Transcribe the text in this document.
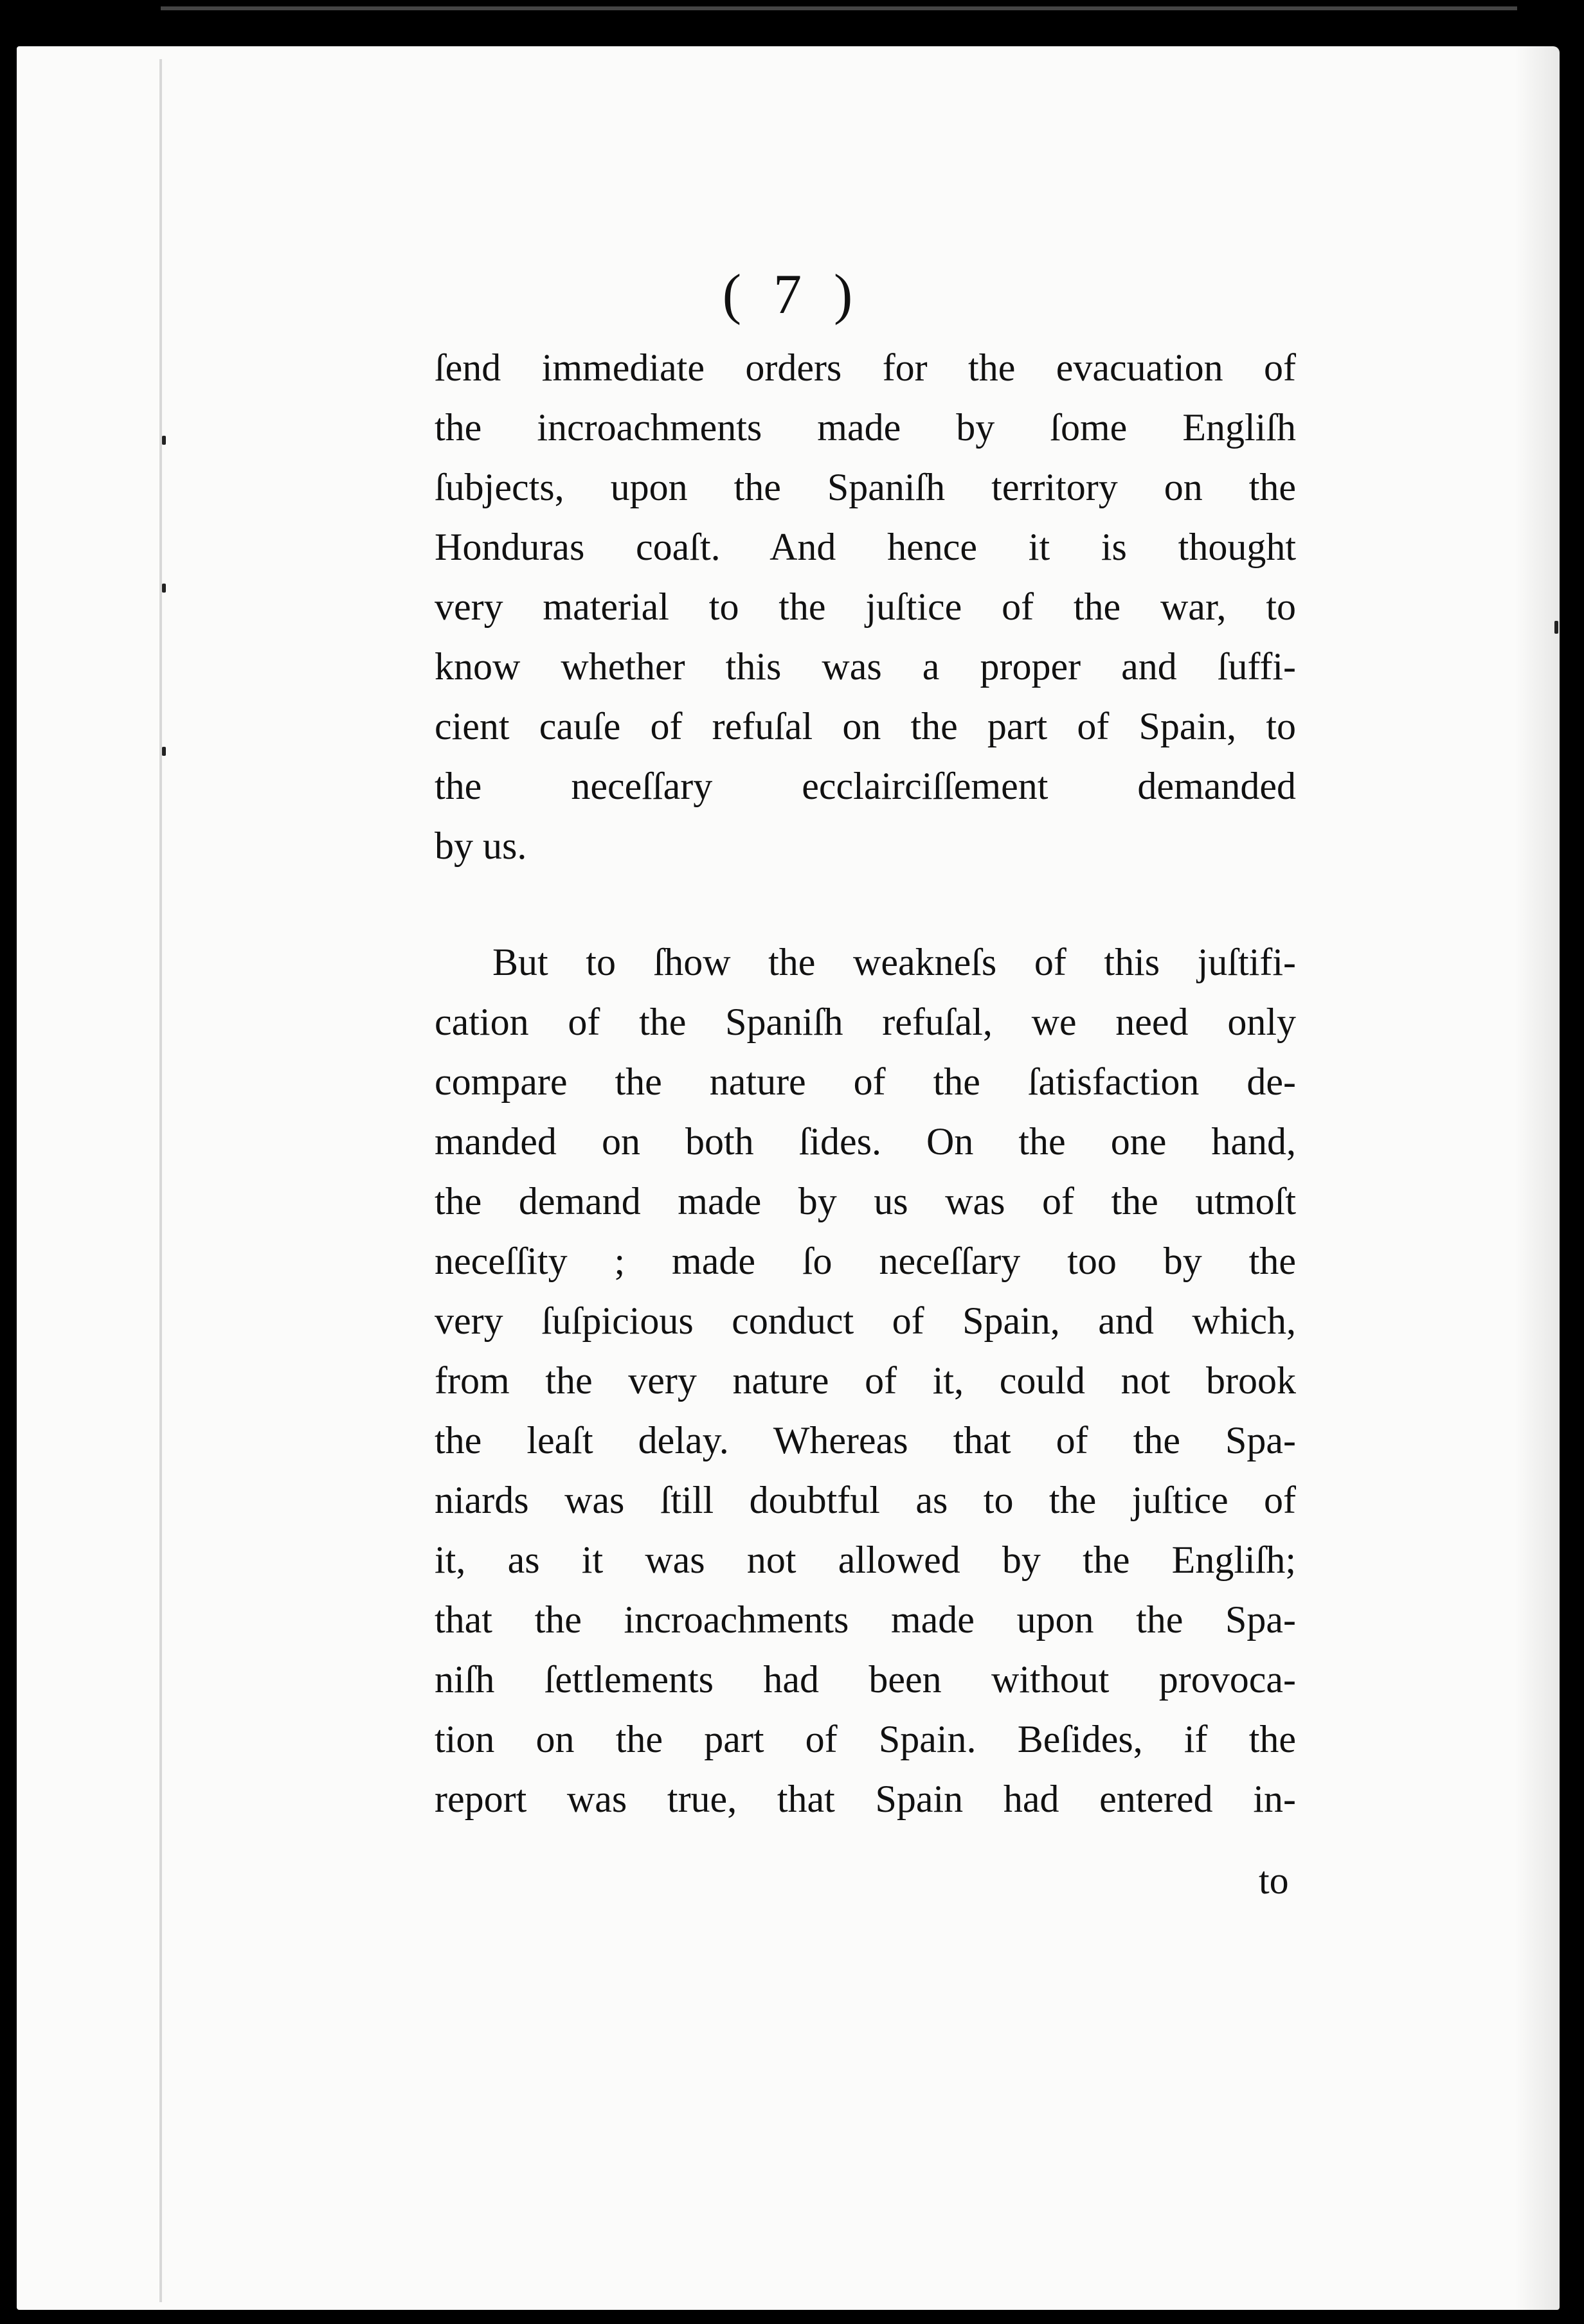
( 7 )
ſend immediate orders for the evacuation of
the incroachments made by ſome Engliſh
ſubjects, upon the Spaniſh territory on the
Honduras coaſt. And hence it is thought
very material to the juſtice of the war, to
know whether this was a proper and ſuffi-
cient cauſe of refuſal on the part of Spain, to
the neceſſary ecclairciſſement demanded
by us.
But to ſhow the weakneſs of this juſtifi-
cation of the Spaniſh refuſal, we need only
compare the nature of the ſatisfaction de-
manded on both ſides. On the one hand,
the demand made by us was of the utmoſt
neceſſity ; made ſo neceſſary too by the
very ſuſpicious conduct of Spain, and which,
from the very nature of it, could not brook
the leaſt delay. Whereas that of the Spa-
niards was ſtill doubtful as to the juſtice of
it, as it was not allowed by the Engliſh;
that the incroachments made upon the Spa-
niſh ſettlements had been without provoca-
tion on the part of Spain. Beſides, if the
report was true, that Spain had entered in-
to
